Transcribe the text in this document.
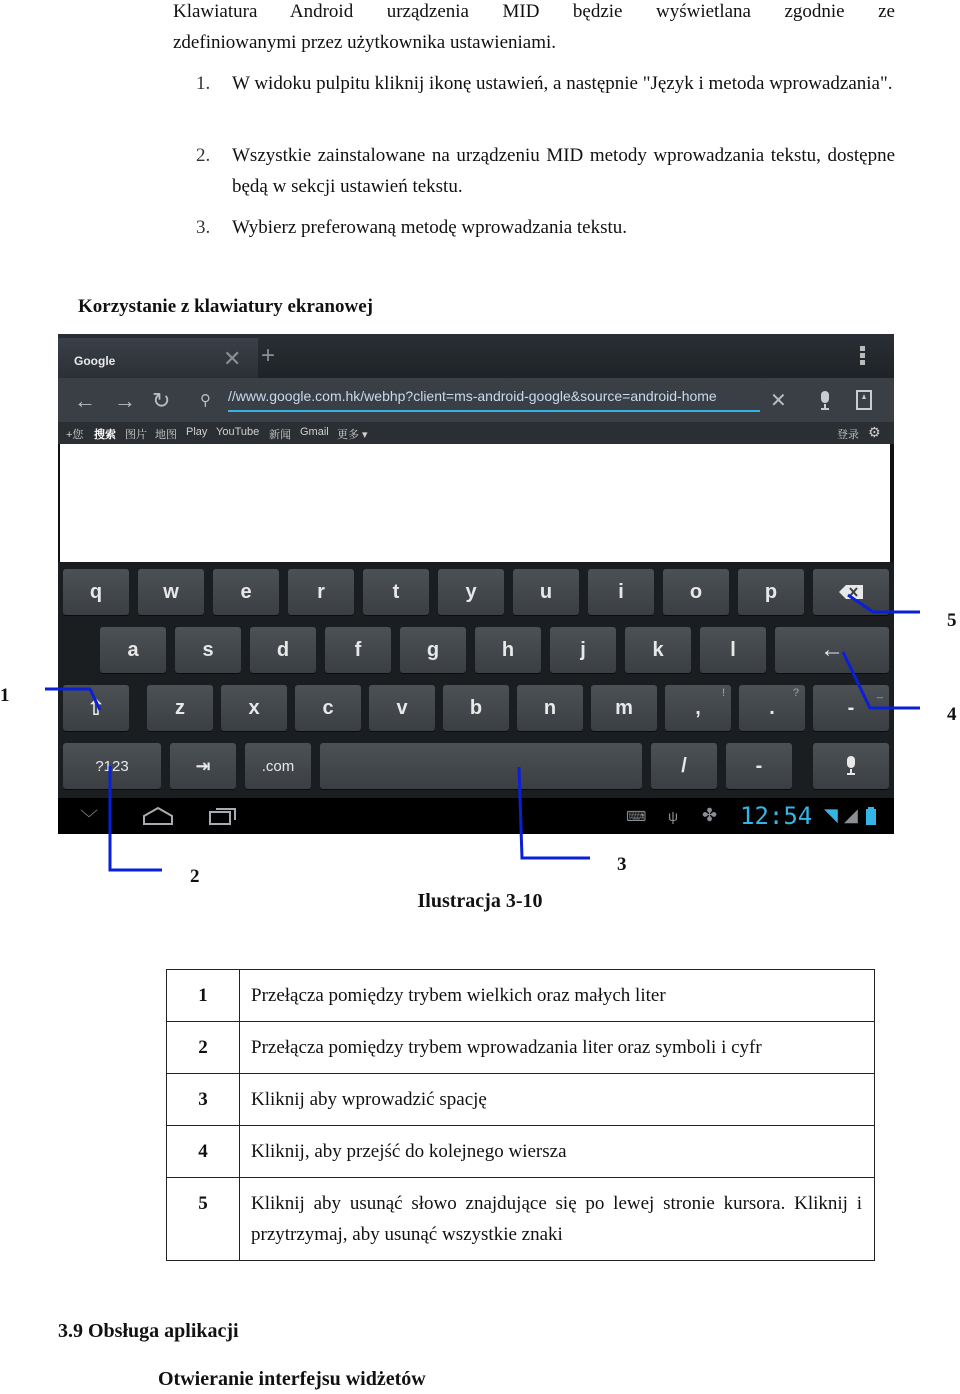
Klawiatura Android urządzenia MID będzie wyświetlana zgodnie ze
zdefiniowanymi przez użytkownika ustawieniami.
1. W widoku pulpitu kliknij ikonę ustawień, a następnie "Język i metoda wprowadzania".
2. Wszystkie zainstalowane na urządzeniu MID metody wprowadzania tekstu, dostępne będą w sekcji ustawień tekstu.
3. Wybierz preferowaną metodę wprowadzania tekstu.
Korzystanie z klawiatury ekranowej
Google	✕ +
← → ↻ ⚲ //www.google.com.hk/webhp?client=ms-android-google&source=android-home	✕
+您 搜索 图片 地图 Play YouTube 新闻 Gmail 更多 ▾	登录 ⚙
q	w	e	r	t	y	u	i	o	p
a	s	d	f	g	h	j	k	l	←
⇧	z	x	c	v	b	n	m	,
!
.
?
-
_
?123	⇥	.com	/	-
﹀	⌨ ψ ✤ 12:54 ◥ ◢
1
2
3
4
5
Ilustracja 3-10
1	Przełącza pomiędzy trybem wielkich oraz małych liter
2	Przełącza pomiędzy trybem wprowadzania liter oraz symboli i cyfr
3	Kliknij aby wprowadzić spację
4	Kliknij, aby przejść do kolejnego wiersza
5	Kliknij aby usunąć słowo znajdujące się po lewej stronie kursora. Kliknij i przytrzymaj, aby usunąć wszystkie znaki
3.9 Obsługa aplikacji
Otwieranie interfejsu widżetów
